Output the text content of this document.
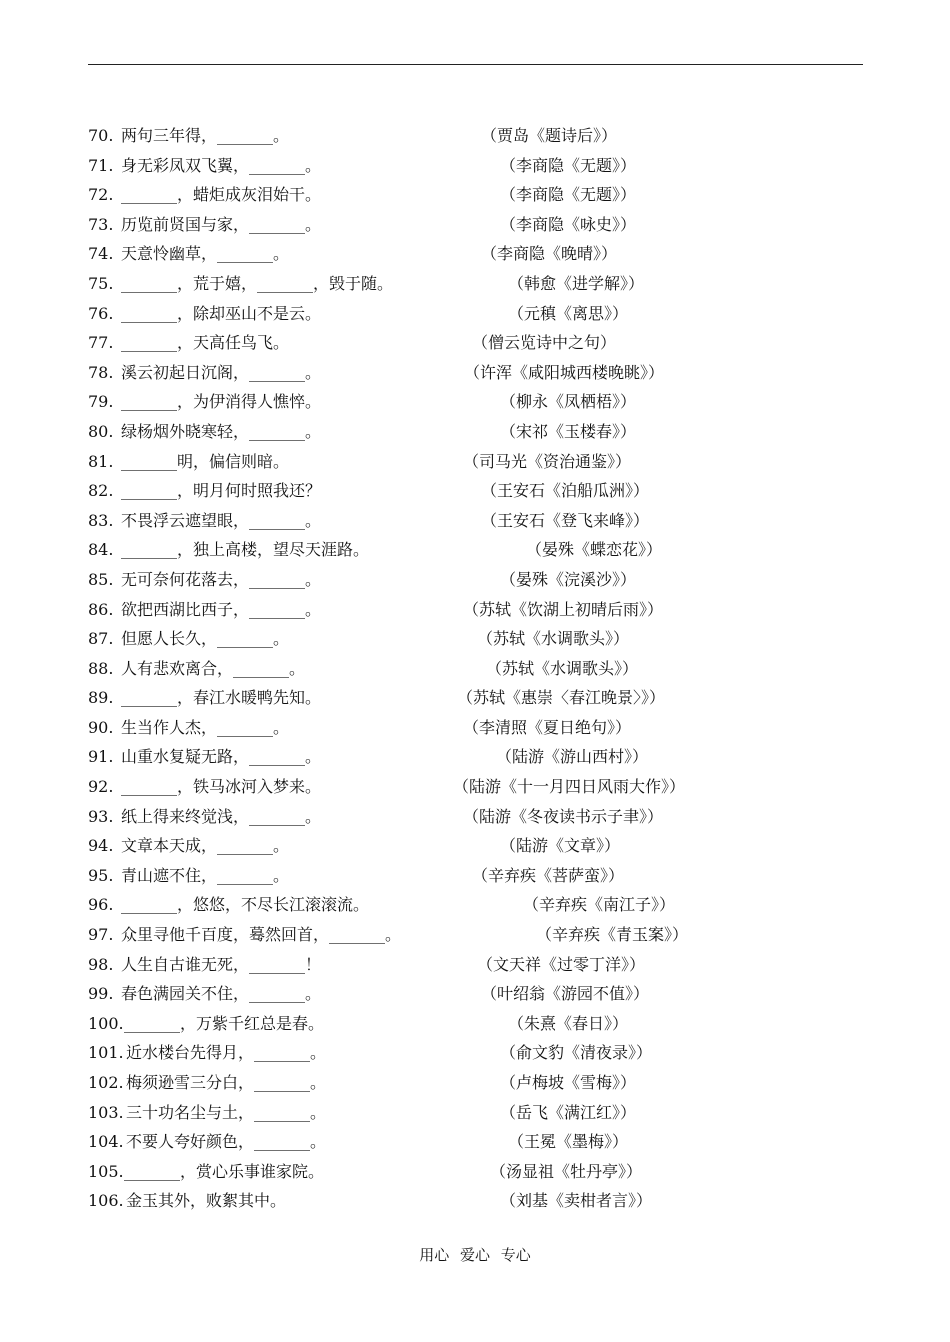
70. 两句三年得，_______。	（贾岛《题诗后》）
71. 身无彩凤双飞翼，_______。	（李商隐《无题》）
72. _______，蜡炬成灰泪始干。	（李商隐《无题》）
73. 历览前贤国与家，_______。	（李商隐《咏史》）
74. 天意怜幽草，_______。	（李商隐《晚晴》）
75. _______，荒于嬉，_______，毁于随。	（韩愈《进学解》）
76. _______，除却巫山不是云。	（元稹《离思》）
77. _______，天高任鸟飞。	（僧云览诗中之句）
78. 溪云初起日沉阁，_______。	（许浑《咸阳城西楼晚眺》）
79. _______，为伊消得人憔悴。	（柳永《凤栖梧》）
80. 绿杨烟外晓寒轻，_______。	（宋祁《玉楼春》）
81. _______明，偏信则暗。	（司马光《资治通鉴》）
82. _______，明月何时照我还？	（王安石《泊船瓜洲》）
83. 不畏浮云遮望眼，_______。	（王安石《登飞来峰》）
84. _______，独上高楼，望尽天涯路。	（晏殊《蝶恋花》）
85. 无可奈何花落去，_______。	（晏殊《浣溪沙》）
86. 欲把西湖比西子，_______。	（苏轼《饮湖上初晴后雨》）
87. 但愿人长久，_______。	（苏轼《水调歌头》）
88. 人有悲欢离合，_______。	（苏轼《水调歌头》）
89. _______，春江水暖鸭先知。	（苏轼《惠崇〈春江晚景〉》）
90. 生当作人杰，_______。	（李清照《夏日绝句》）
91. 山重水复疑无路，_______。	（陆游《游山西村》）
92. _______，铁马冰河入梦来。	（陆游《十一月四日风雨大作》）
93. 纸上得来终觉浅，_______。	（陆游《冬夜读书示子聿》）
94. 文章本天成，_______。	（陆游《文章》）
95. 青山遮不住，_______。	（辛弃疾《菩萨蛮》）
96. _______，悠悠，不尽长江滚滚流。	（辛弃疾《南江子》）
97. 众里寻他千百度，蓦然回首，_______。	（辛弃疾《青玉案》）
98. 人生自古谁无死，_______！	（文天祥《过零丁洋》）
99. 春色满园关不住，_______。	（叶绍翁《游园不值》）
100. _______，万紫千红总是春。	（朱熹《春日》）
101. 近水楼台先得月，_______。	（俞文豹《清夜录》）
102. 梅须逊雪三分白，_______。	（卢梅坡《雪梅》）
103. 三十功名尘与土，_______。	（岳飞《满江红》）
104. 不要人夸好颜色，_______。	（王冕《墨梅》）
105. _______，赏心乐事谁家院。	（汤显祖《牡丹亭》）
106. 金玉其外，败絮其中。	（刘基《卖柑者言》）
用心 爱心 专心
